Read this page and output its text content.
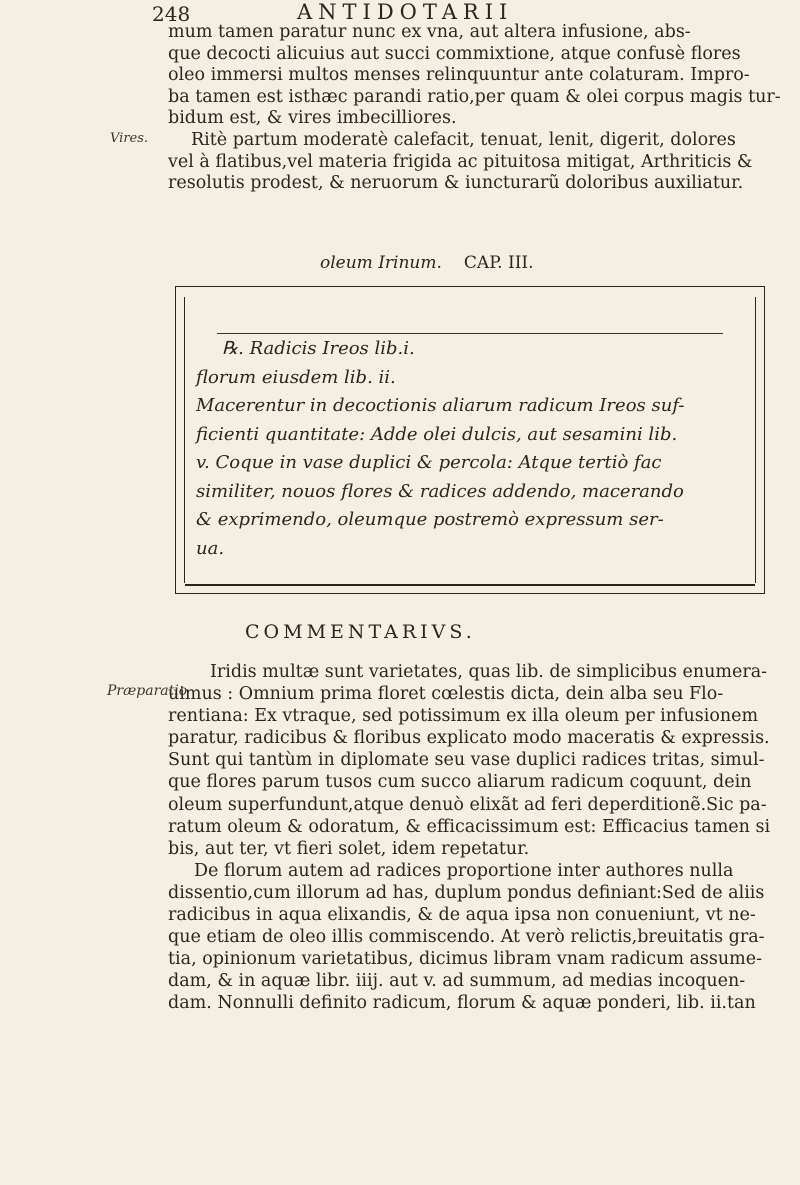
248	ANTIDOTARII
Vires.
mum tamen paratur nunc ex vna, aut altera infusione, abs-
que decocti alicuius aut succi commixtione, atque confusè flores
oleo immersi multos menses relinquuntur ante colaturam. Impro-
ba tamen est isthæc parandi ratio,per quam & olei corpus magis tur-
bidum est, & vires imbecilliores.
Ritè partum moderatè calefacit, tenuat, lenit, digerit, dolores
vel à flatibus,vel materia frigida ac pituitosa mitigat, Arthriticis &
resolutis prodest, & neruorum & iuncturarũ doloribus auxiliatur.
oleum Irinum. CAP. III.
℞. Radicis Ireos lib.i.
florum eiusdem lib. ii.
Macerentur in decoctionis aliarum radicum Ireos suf-
ficienti quantitate: Adde olei dulcis, aut sesamini lib.
v. Coque in vase duplici & percola: Atque tertiò fac
similiter, nouos flores & radices addendo, macerando
& exprimendo, oleumque postremò expressum ser-
ua.
COMMENTARIVS.
Præparatio
Iridis multæ sunt varietates, quas lib. de simplicibus enumera-
uimus : Omnium prima floret cœlestis dicta, dein alba seu Flo-
rentiana: Ex vtraque, sed potissimum ex illa oleum per infusionem
paratur, radicibus & floribus explicato modo maceratis & expressis.
Sunt qui tantùm in diplomate seu vase duplici radices tritas, simul-
que flores parum tusos cum succo aliarum radicum coquunt, dein
oleum superfundunt,atque denuò elixãt ad feri deperditionẽ.Sic pa-
ratum oleum & odoratum, & efficacissimum est: Efficacius tamen si
bis, aut ter, vt fieri solet, idem repetatur.
De florum autem ad radices proportione inter authores nulla
dissentio,cum illorum ad has, duplum pondus definiant:Sed de aliis
radicibus in aqua elixandis, & de aqua ipsa non conueniunt, vt ne-
que etiam de oleo illis commiscendo. At verò relictis,breuitatis gra-
tia, opinionum varietatibus, dicimus libram vnam radicum assume-
dam, & in aquæ libr. iiij. aut v. ad summum, ad medias incoquen-
dam. Nonnulli definito radicum, florum & aquæ ponderi, lib. ii.tan
